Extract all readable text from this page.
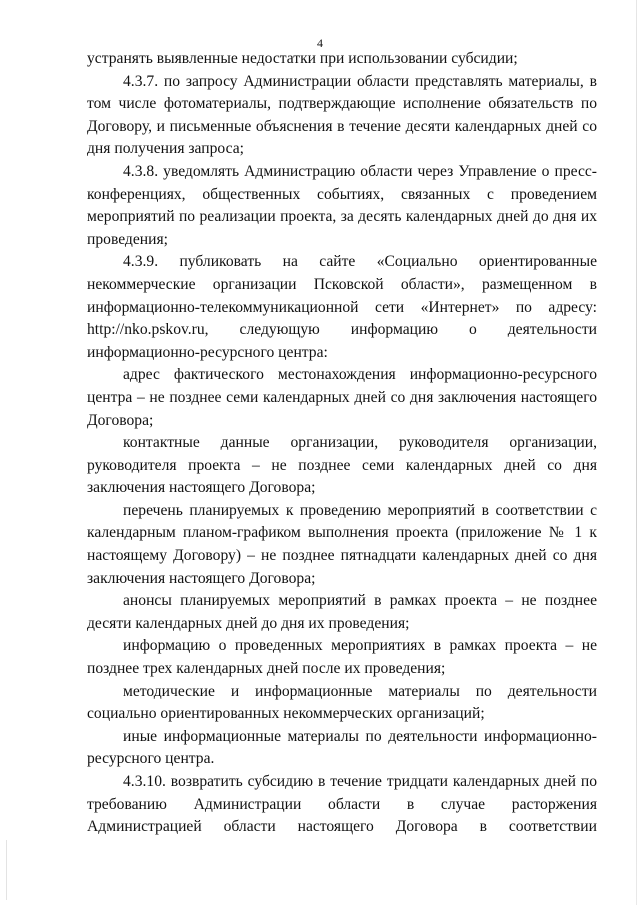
4

устранять выявленные недостатки при использовании субсидии;

4.3.7. по запросу Администрации области представлять материалы, в том числе фотоматериалы, подтверждающие исполнение обязательств по Договору, и письменные объяснения в течение десяти календарных дней со дня получения запроса;

4.3.8. уведомлять Администрацию области через Управление о пресс-конференциях, общественных событиях, связанных с проведением мероприятий по реализации проекта, за десять календарных дней до дня их проведения;

4.3.9. публиковать на сайте «Социально ориентированные некоммерческие организации Псковской области», размещенном в информационно-телекоммуникационной сети «Интернет» по адресу: http://nko.pskov.ru, следующую информацию о деятельности информационно-ресурсного центра:

адрес фактического местонахождения информационно-ресурсного центра – не позднее семи календарных дней со дня заключения настоящего Договора;

контактные данные организации, руководителя организации, руководителя проекта – не позднее семи календарных дней со дня заключения настоящего Договора;

перечень планируемых к проведению мероприятий в соответствии с календарным планом-графиком выполнения проекта (приложение № 1 к настоящему Договору) – не позднее пятнадцати календарных дней со дня заключения настоящего Договора;

анонсы планируемых мероприятий в рамках проекта – не позднее десяти календарных дней до дня их проведения;

информацию о проведенных мероприятиях в рамках проекта – не позднее трех календарных дней после их проведения;

методические и информационные материалы по деятельности социально ориентированных некоммерческих организаций;

иные информационные материалы по деятельности информационно-ресурсного центра.

4.3.10. возвратить субсидию в течение тридцати календарных дней по требованию Администрации области в случае расторжения Администрацией области настоящего Договора в соответствии
